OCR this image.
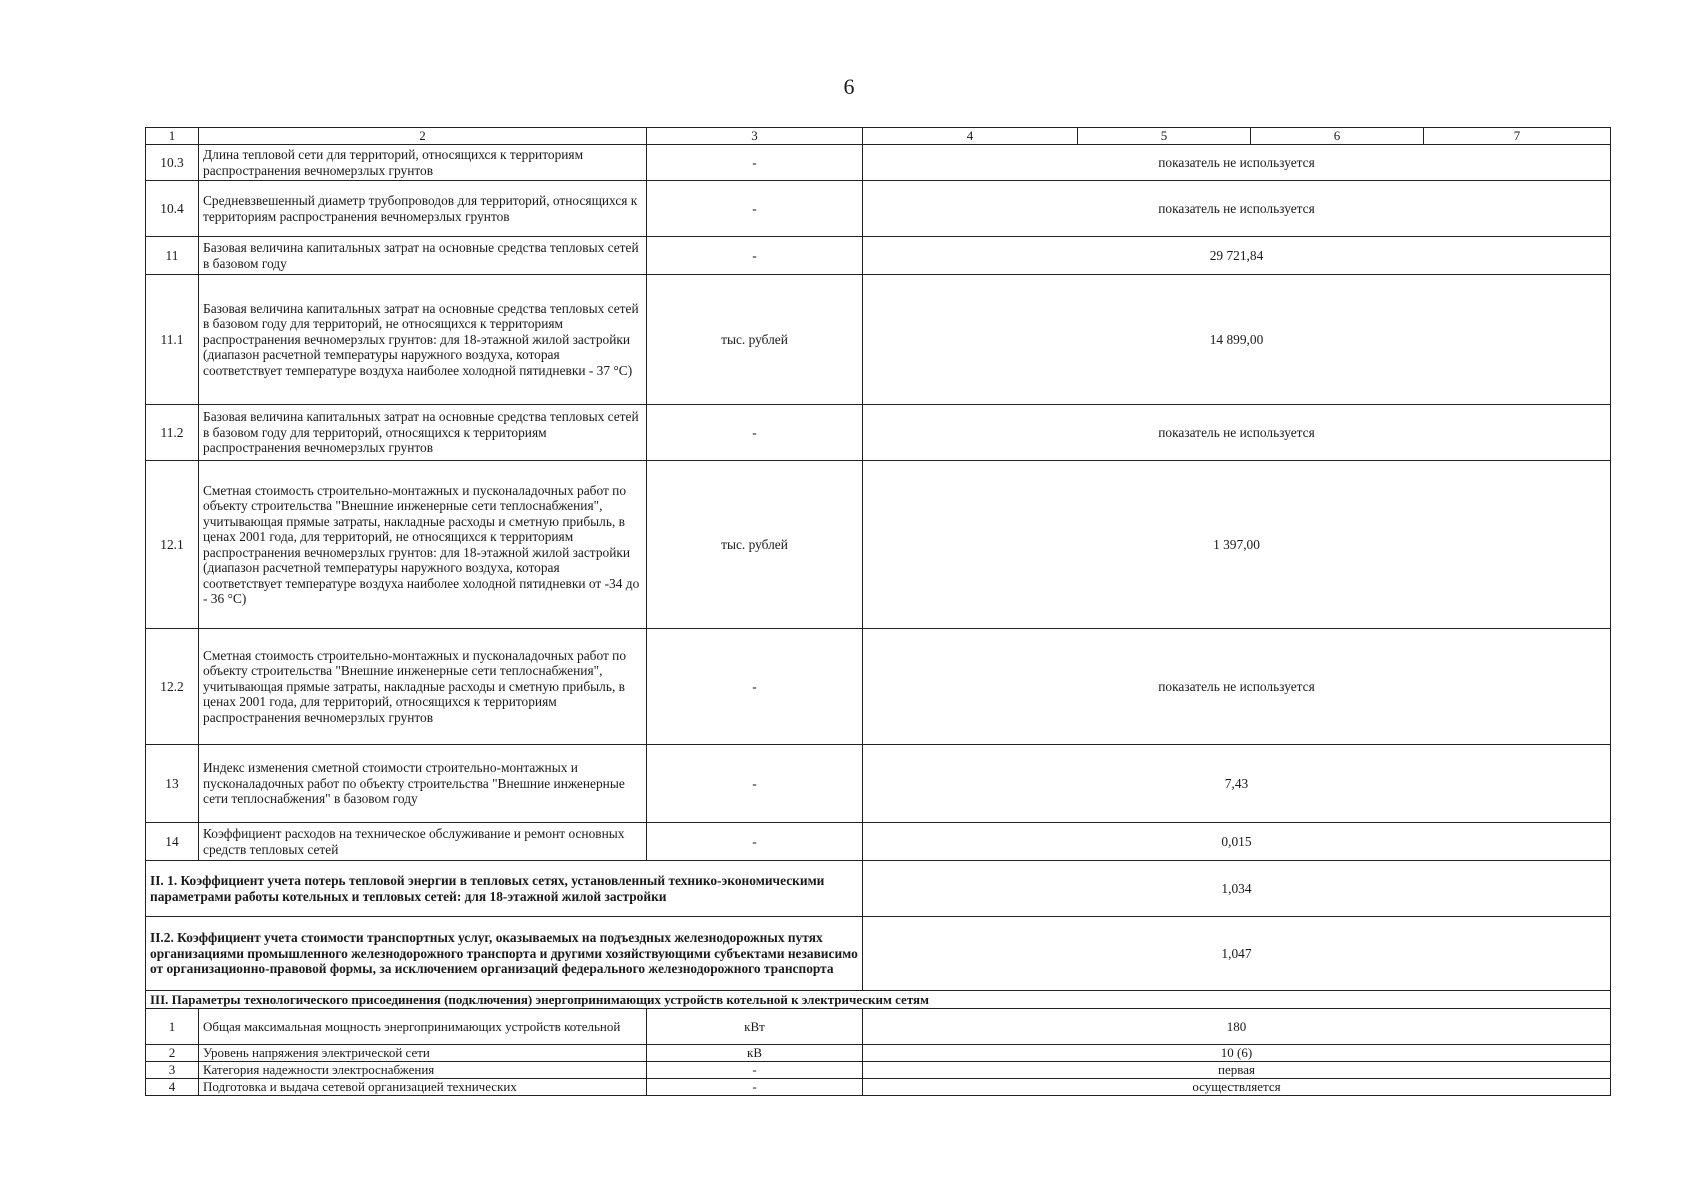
6
1	2	3	4	5	6	7
10.3	Длина тепловой сети для территорий, относящихся к территориям распространения вечномерзлых грунтов	-	показатель не используется			
10.4	Средневзвешенный диаметр трубопроводов для территорий, относящихся к территориям распространения вечномерзлых грунтов	-	показатель не используется			
11	Базовая величина капитальных затрат на основные средства тепловых сетей в базовом году	-	29 721,84			
11.1	Базовая величина капитальных затрат на основные средства тепловых сетей в базовом году для территорий, не относящихся к территориям распространения вечномерзлых грунтов: для 18-этажной жилой застройки (диапазон расчетной температуры наружного воздуха, которая соответствует температуре воздуха наиболее холодной пятидневки - 37 °С)	тыс. рублей	14 899,00			
11.2	Базовая величина капитальных затрат на основные средства тепловых сетей в базовом году для территорий, относящихся к территориям распространения вечномерзлых грунтов	-	показатель не используется			
12.1	Сметная стоимость строительно-монтажных и пусконаладочных работ по объекту строительства "Внешние инженерные сети теплоснабжения", учитывающая прямые затраты, накладные расходы и сметную прибыль, в ценах 2001 года, для территорий, не относящихся к территориям распространения вечномерзлых грунтов: для 18-этажной жилой застройки (диапазон расчетной температуры наружного воздуха, которая соответствует температуре воздуха наиболее холодной пятидневки от -34 до - 36 °С)	тыс. рублей	1 397,00			
12.2	Сметная стоимость строительно-монтажных и пусконаладочных работ по объекту строительства "Внешние инженерные сети теплоснабжения", учитывающая прямые затраты, накладные расходы и сметную прибыль, в ценах 2001 года, для территорий, относящихся к территориям распространения вечномерзлых грунтов	-	показатель не используется			
13	Индекс изменения сметной стоимости строительно-монтажных и пусконаладочных работ по объекту строительства "Внешние инженерные сети теплоснабжения" в базовом году	-	7,43			
14	Коэффициент расходов на техническое обслуживание и ремонт основных средств тепловых сетей	-	0,015			
II. 1. Коэффициент учета потерь тепловой энергии в тепловых сетях, установленный технико-экономическими параметрами работы котельных и тепловых сетей: для 18-этажной жилой застройки			1,034			
II.2. Коэффициент учета стоимости транспортных услуг, оказываемых на подъездных железнодорожных путях организациями промышленного железнодорожного транспорта и другими хозяйствующими субъектами независимо от организационно-правовой формы, за исключением организаций федерального железнодорожного транспорта			1,047			
III. Параметры технологического присоединения (подключения) энергопринимающих устройств котельной к электрическим сетям						
1	Общая максимальная мощность энергопринимающих устройств котельной	кВт	180			
2	Уровень напряжения электрической сети	кВ	10 (6)			
3	Категория надежности электроснабжения	-	первая			
4	Подготовка и выдача сетевой организацией технических	-	осуществляется			
